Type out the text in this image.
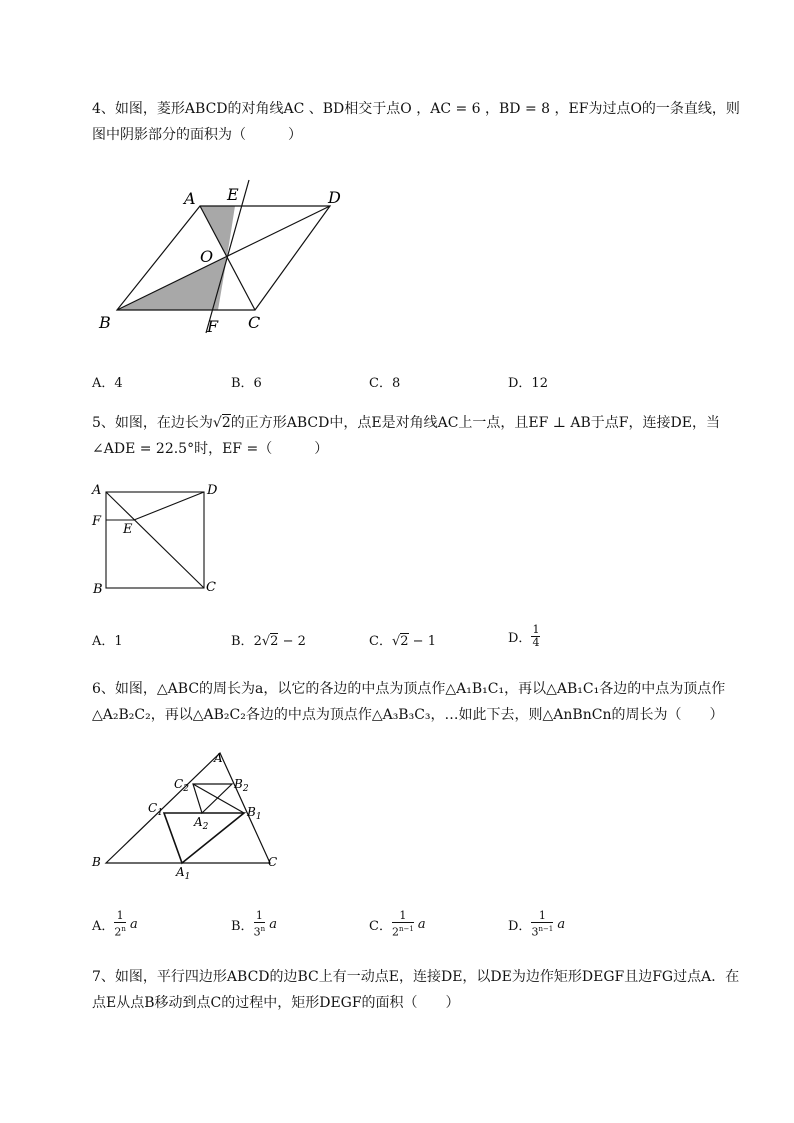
4、如图，菱形ABCD的对角线AC 、BD相交于点O ，AC = 6 ，BD = 8 ，EF为过点O的一条直线，则图中阴影部分的面积为（　　　）

A E	D
O
B	F C
A．4	B．6	C．8	D．12

5、如图，在边长为√2的正方形ABCD中，点E是对角线AC上一点，且EF ⊥ AB于点F，连接DE，当∠ADE = 22.5°时，EF =（　　　）

A	D
F
E
B	C
A．1	B．2√2 − 2	C．√2 − 1	D． $\frac{1}{4}$

6、如图，△ABC的周长为a，以它的各边的中点为顶点作△A₁B₁C₁，再以△AB₁C₁各边的中点为顶点作△A₂B₂C₂，再以△AB₂C₂各边的中点为顶点作△A₃B₃C₃，…如此下去，则△AnBnCn的周长为（　　）

A
$C_2$	$B_2$
$C_1$	$B_1$
$A_2$
B	C
$A_1$
A． $\frac{1}{2^n}$ a	B． $\frac{1}{3^n}$ a	C． $\frac{1}{2^{n-1}}$ a	D． $\frac{1}{3^{n-1}}$ a

7、如图，平行四边形ABCD的边BC上有一动点E，连接DE，以DE为边作矩形DEGF且边FG过点A．在点E从点B移动到点C的过程中，矩形DEGF的面积（　　）
